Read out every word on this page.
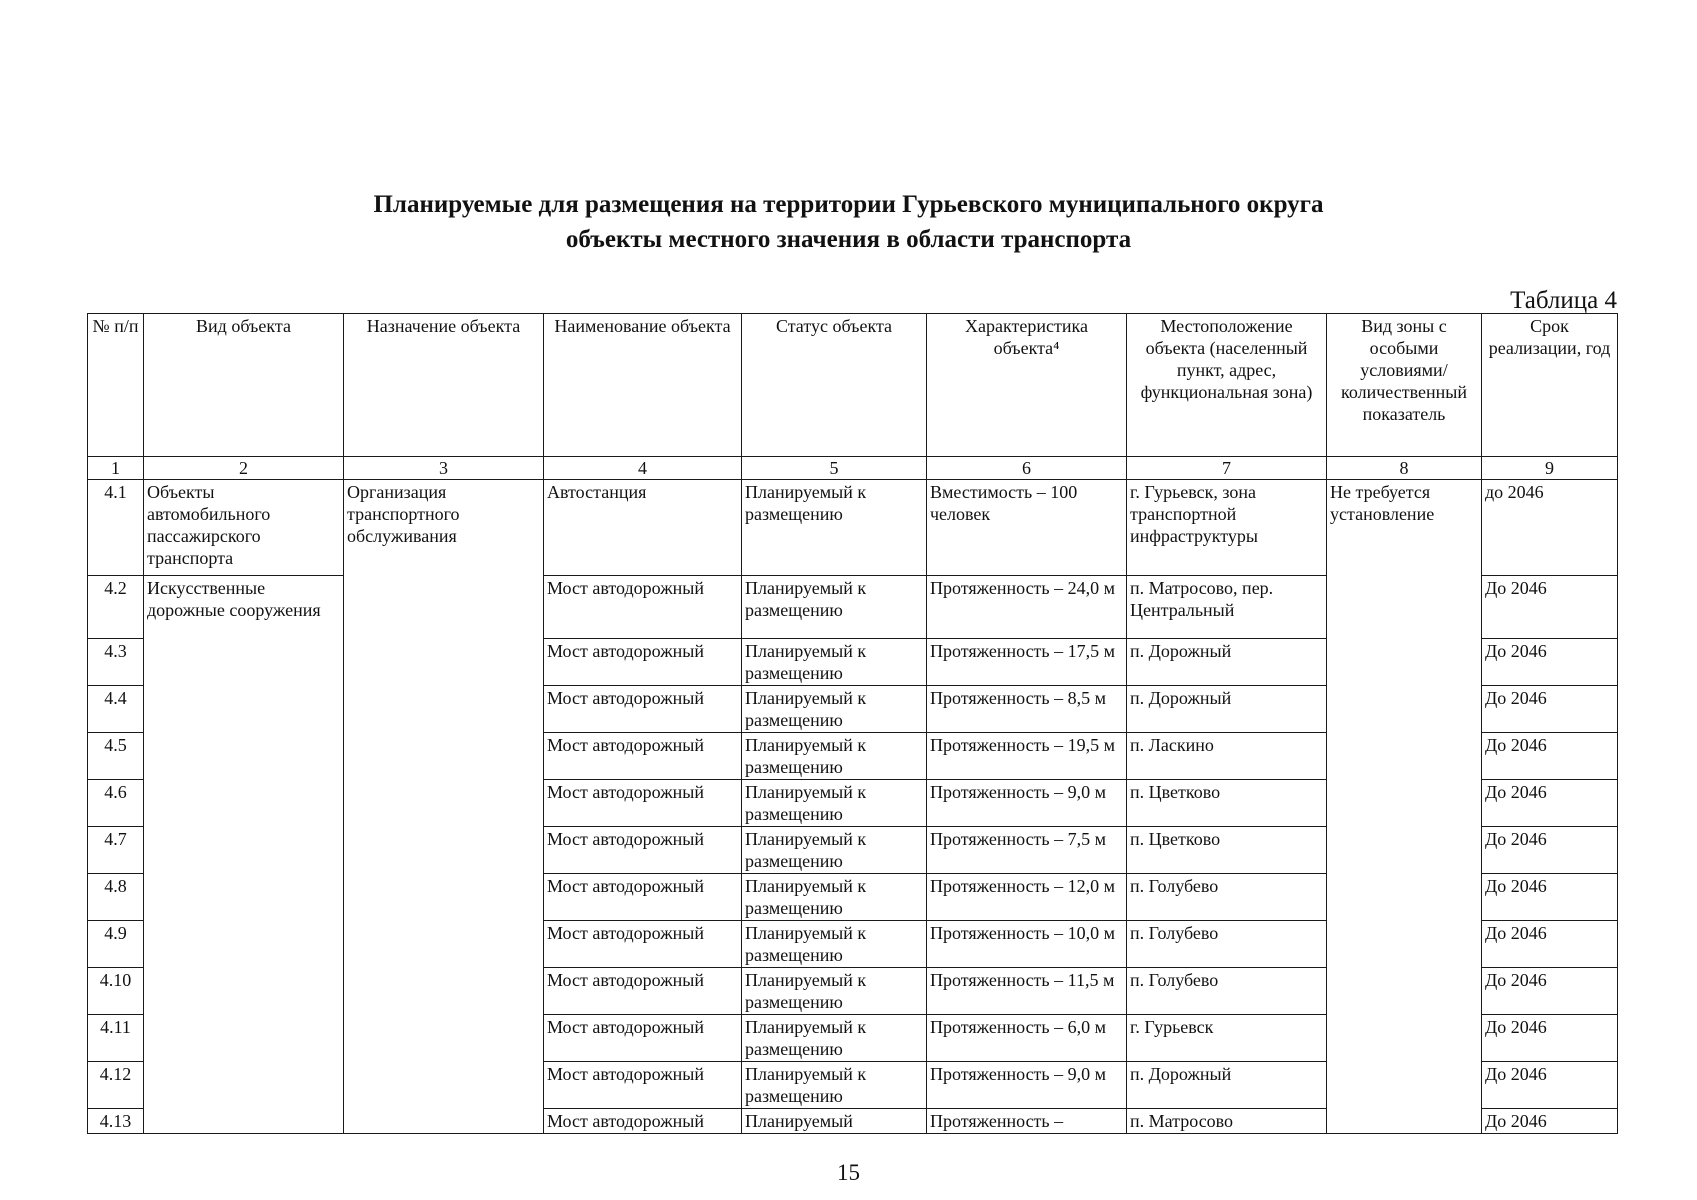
Планируемые для размещения на территории Гурьевского муниципального округа
объекты местного значения в области транспорта
Таблица 4
№ п/п	Вид объекта	Назначение объекта	Наименование объекта	Статус объекта	Характеристика объекта⁴	Местоположение объекта (населенный пункт, адрес, функциональная зона)	Вид зоны с особыми условиями/ количественный показатель	Срок реализации, год
1	2	3	4	5	6	7	8	9
4.1	Объекты автомобильного пассажирского транспорта	Организация транспортного обслуживания	Автостанция	Планируемый к размещению	Вместимость – 100 человек	г. Гурьевск, зона транспортной инфраструктуры	Не требуется установление	до 2046
4.2	Искусственные дорожные сооружения		Мост автодорожный	Планируемый к размещению	Протяженность – 24,0 м	п. Матросово, пер. Центральный		До 2046
4.3			Мост автодорожный	Планируемый к размещению	Протяженность – 17,5 м	п. Дорожный		До 2046
4.4			Мост автодорожный	Планируемый к размещению	Протяженность – 8,5 м	п. Дорожный		До 2046
4.5			Мост автодорожный	Планируемый к размещению	Протяженность – 19,5 м	п. Ласкино		До 2046
4.6			Мост автодорожный	Планируемый к размещению	Протяженность – 9,0 м	п. Цветково		До 2046
4.7			Мост автодорожный	Планируемый к размещению	Протяженность – 7,5 м	п. Цветково		До 2046
4.8			Мост автодорожный	Планируемый к размещению	Протяженность – 12,0 м	п. Голубево		До 2046
4.9			Мост автодорожный	Планируемый к размещению	Протяженность – 10,0 м	п. Голубево		До 2046
4.10			Мост автодорожный	Планируемый к размещению	Протяженность – 11,5 м	п. Голубево		До 2046
4.11			Мост автодорожный	Планируемый к размещению	Протяженность – 6,0 м	г. Гурьевск		До 2046
4.12			Мост автодорожный	Планируемый к размещению	Протяженность – 9,0 м	п. Дорожный		До 2046
4.13			Мост автодорожный	Планируемый	Протяженность –	п. Матросово		До 2046
15
